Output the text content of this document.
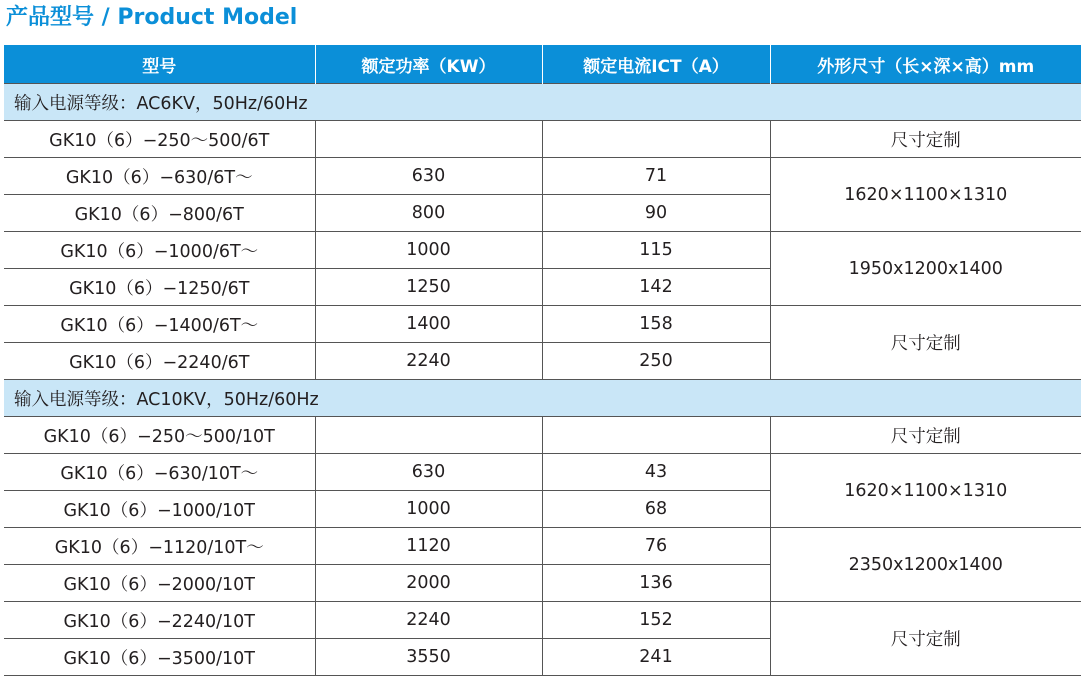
产品型号 / Product Model
型号	额定功率（KW）	额定电流ICT（A）	外形尺寸（长×深×高）mm
输入电源等级：AC6KV，50Hz/60Hz			
GK10（6）−250～500/6T			尺寸定制
GK10（6）−630/6T～	630	71	1620×1100×1310
GK10（6）−800/6T	800	90	
GK10（6）−1000/6T～	1000	115	1950x1200x1400
GK10（6）−1250/6T	1250	142	
GK10（6）−1400/6T～	1400	158	尺寸定制
GK10（6）−2240/6T	2240	250	
输入电源等级：AC10KV，50Hz/60Hz			
GK10（6）−250～500/10T			尺寸定制
GK10（6）−630/10T～	630	43	1620×1100×1310
GK10（6）−1000/10T	1000	68	
GK10（6）−1120/10T～	1120	76	2350x1200x1400
GK10（6）−2000/10T	2000	136	
GK10（6）−2240/10T	2240	152	尺寸定制
GK10（6）−3500/10T	3550	241	
